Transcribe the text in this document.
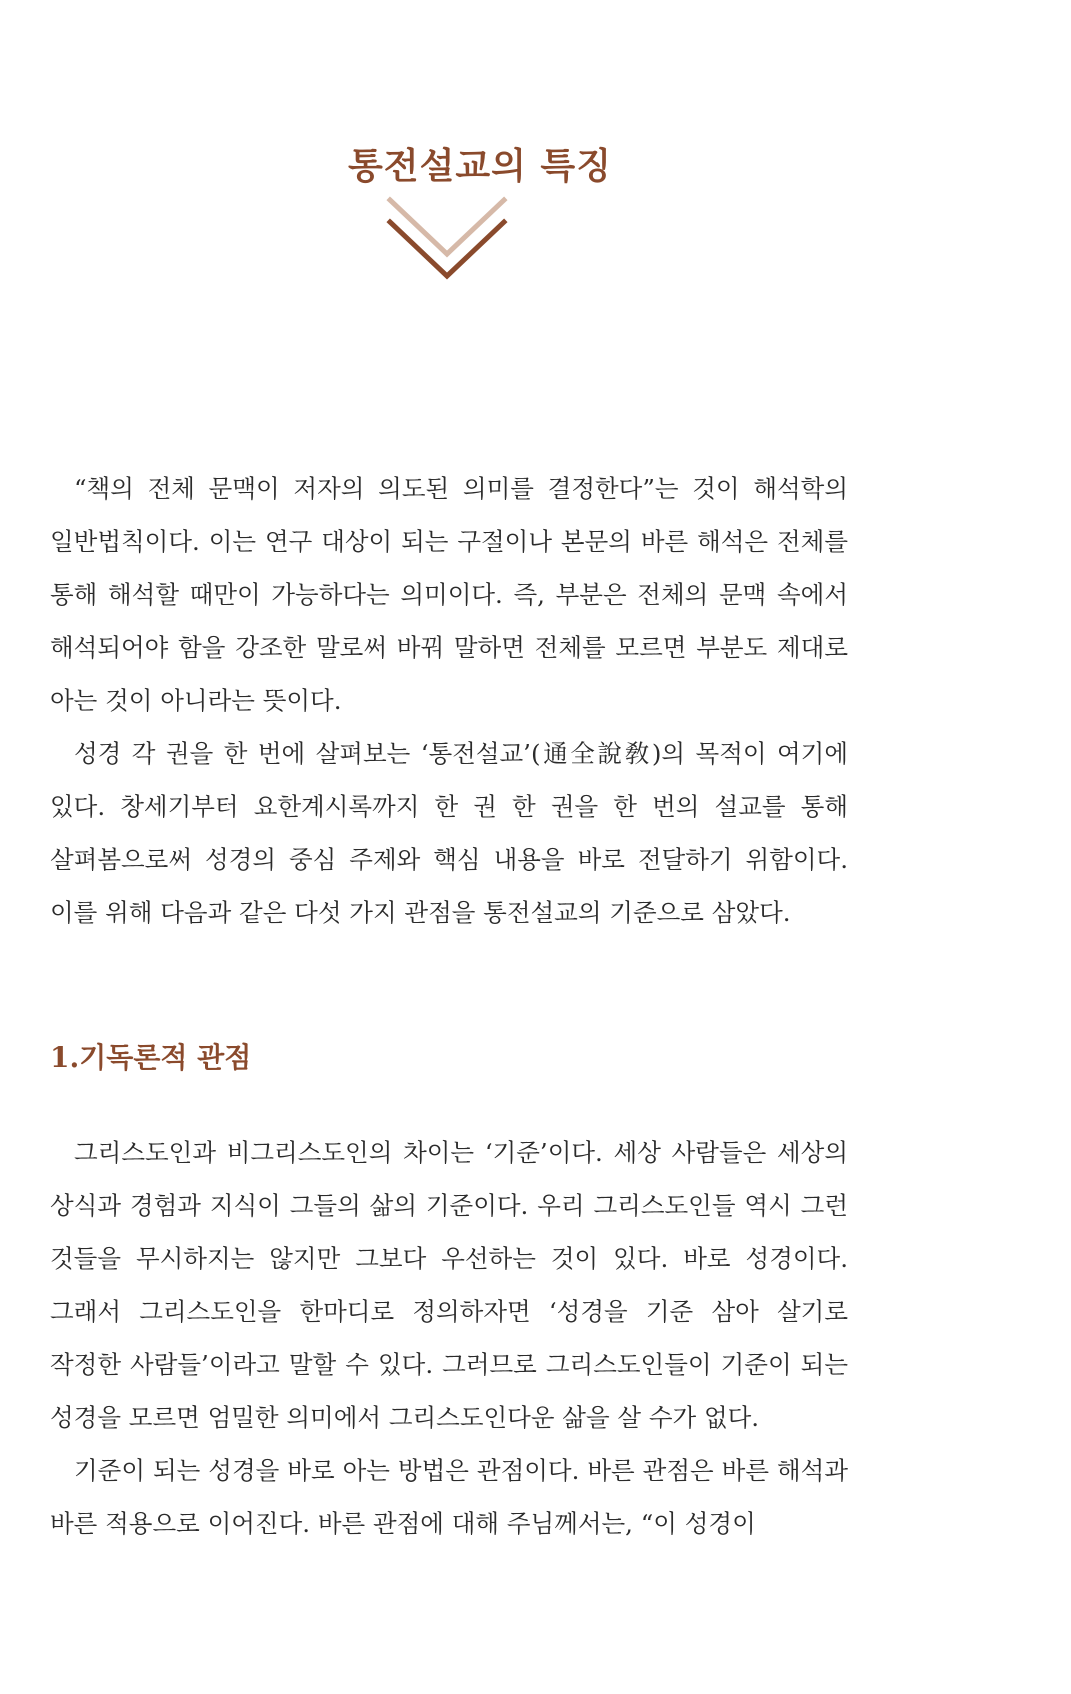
통전설교의 특징

“책의 전체 문맥이 저자의 의도된 의미를 결정한다”는 것이 해석학의 일반법칙이다. 이는 연구 대상이 되는 구절이나 본문의 바른 해석은 전체를 통해 해석할 때만이 가능하다는 의미이다. 즉, 부분은 전체의 문맥 속에서 해석되어야 함을 강조한 말로써 바꿔 말하면 전체를 모르면 부분도 제대로 아는 것이 아니라는 뜻이다.

성경 각 권을 한 번에 살펴보는 ‘통전설교’(通全說敎)의 목적이 여기에 있다. 창세기부터 요한계시록까지 한 권 한 권을 한 번의 설교를 통해 살펴봄으로써 성경의 중심 주제와 핵심 내용을 바로 전달하기 위함이다. 이를 위해 다음과 같은 다섯 가지 관점을 통전설교의 기준으로 삼았다.

1.기독론적 관점

그리스도인과 비그리스도인의 차이는 ‘기준’이다. 세상 사람들은 세상의 상식과 경험과 지식이 그들의 삶의 기준이다. 우리 그리스도인들 역시 그런 것들을 무시하지는 않지만 그보다 우선하는 것이 있다. 바로 성경이다. 그래서 그리스도인을 한마디로 정의하자면 ‘성경을 기준 삼아 살기로 작정한 사람들’이라고 말할 수 있다. 그러므로 그리스도인들이 기준이 되는 성경을 모르면 엄밀한 의미에서 그리스도인다운 삶을 살 수가 없다.

기준이 되는 성경을 바로 아는 방법은 관점이다. 바른 관점은 바른 해석과 바른 적용으로 이어진다. 바른 관점에 대해 주님께서는, “이 성경이
